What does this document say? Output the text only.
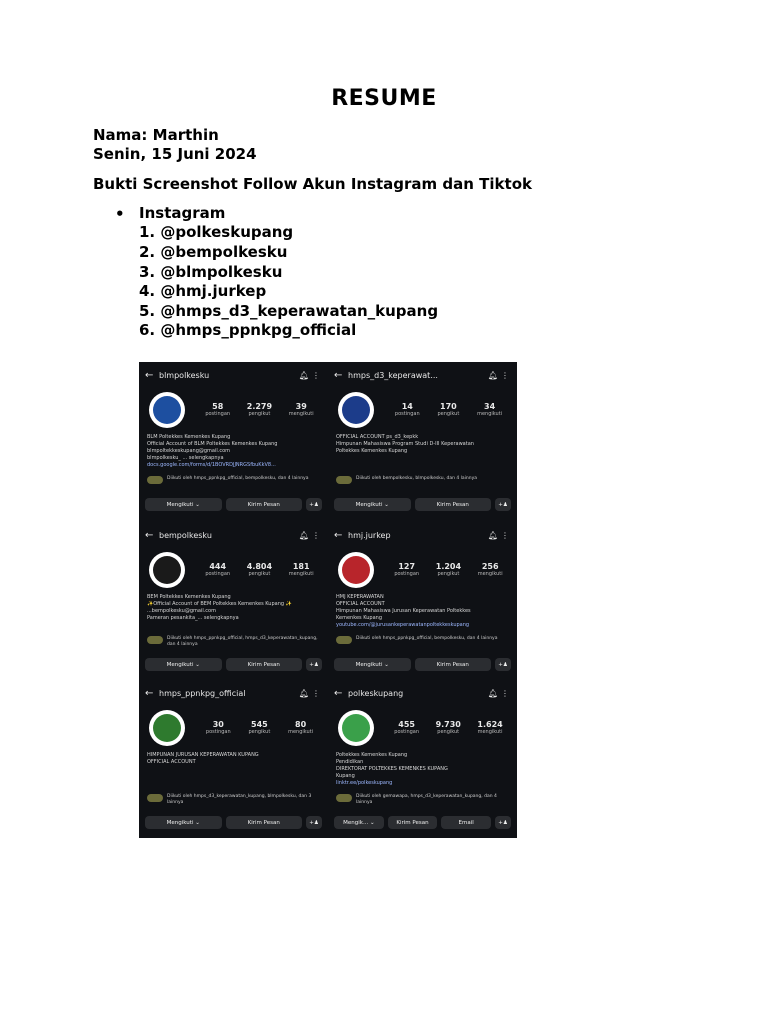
RESUME
Nama: Marthin
Senin, 15 Juni 2024
Bukti Screenshot Follow Akun Instagram dan Tiktok
• Instagram
1. @polkeskupang
2. @bempolkesku
3. @blmpolkesku
4. @hmj.jurkep
5. @hmps_d3_keperawatan_kupang
6. @hmps_ppnkpg_official
← blmpolkesku	🔔︎ ⋮
58
postingan
2.279
pengikut
39
mengikuti
BLM Poltekkes Kemenkes Kupang
Official Account of BLM Poltekkes Kemenkes Kupang
blmpoltekkeskupang@gmail.com
blmpolkesku_ ... selengkapnya
docs.google.com/forms/d/1BOVRDJJNRGSfbuKkV8...
Diikuti oleh hmps_ppnkpg_official, bempolkesku, dan 4 lainnya
Mengikuti ⌄	Kirim Pesan	+♟
← hmps_d3_keperawat...	🔔︎ ⋮
14
postingan
170
pengikut
34
mengikuti
OFFICIAL ACCOUNT ps_d3_kepkk
Himpunan Mahasiswa Program Studi D-III Keperawatan
Poltekkes Kemenkes Kupang
Diikuti oleh bempolkesku, blmpolkesku, dan 4 lainnya
Mengikuti ⌄	Kirim Pesan	+♟
← bempolkesku	🔔︎ ⋮
444
postingan
4.804
pengikut
181
mengikuti
BEM Poltekkes Kemenkes Kupang
✨Official Account of BEM Poltekkes Kemenkes Kupang ✨
...bempolkesku@gmail.com
Pameran pesankita_... selengkapnya
Diikuti oleh hmps_ppnkpg_official, hmps_d3_keperawatan_kupang, dan 4 lainnya
Mengikuti ⌄	Kirim Pesan	+♟
← hmj.jurkep	🔔︎ ⋮
127
postingan
1.204
pengikut
256
mengikuti
HMJ KEPERAWATAN
OFFICIAL ACCOUNT
Himpunan Mahasiswa Jurusan Keperawatan Poltekkes
Kemenkes Kupang
youtube.com/@jurusankeperawatanpoltekkeskupang
Diikuti oleh hmps_ppnkpg_official, bempolkesku, dan 4 lainnya
Mengikuti ⌄	Kirim Pesan	+♟
← hmps_ppnkpg_official	🔔︎ ⋮
30
postingan
545
pengikut
80
mengikuti
HIMPUNAN JURUSAN KEPERAWATAN KUPANG
OFFICIAL ACCOUNT
Diikuti oleh hmps_d3_keperawatan_kupang, blmpolkesku, dan 3 lainnya
Mengikuti ⌄	Kirim Pesan	+♟
← polkeskupang	🔔︎ ⋮
455
postingan
9.730
pengikut
1.624
mengikuti
Poltekkes Kemenkes Kupang
Pendidikan
DIREKTORAT POLTEKKES KEMENKES KUPANG
Kupang
linktr.ee/polkeskupang
Diikuti oleh gemawapa, hmps_d3_keperawatan_kupang, dan 4 lainnya
Mengik... ⌄	Kirim Pesan	Email	+♟
